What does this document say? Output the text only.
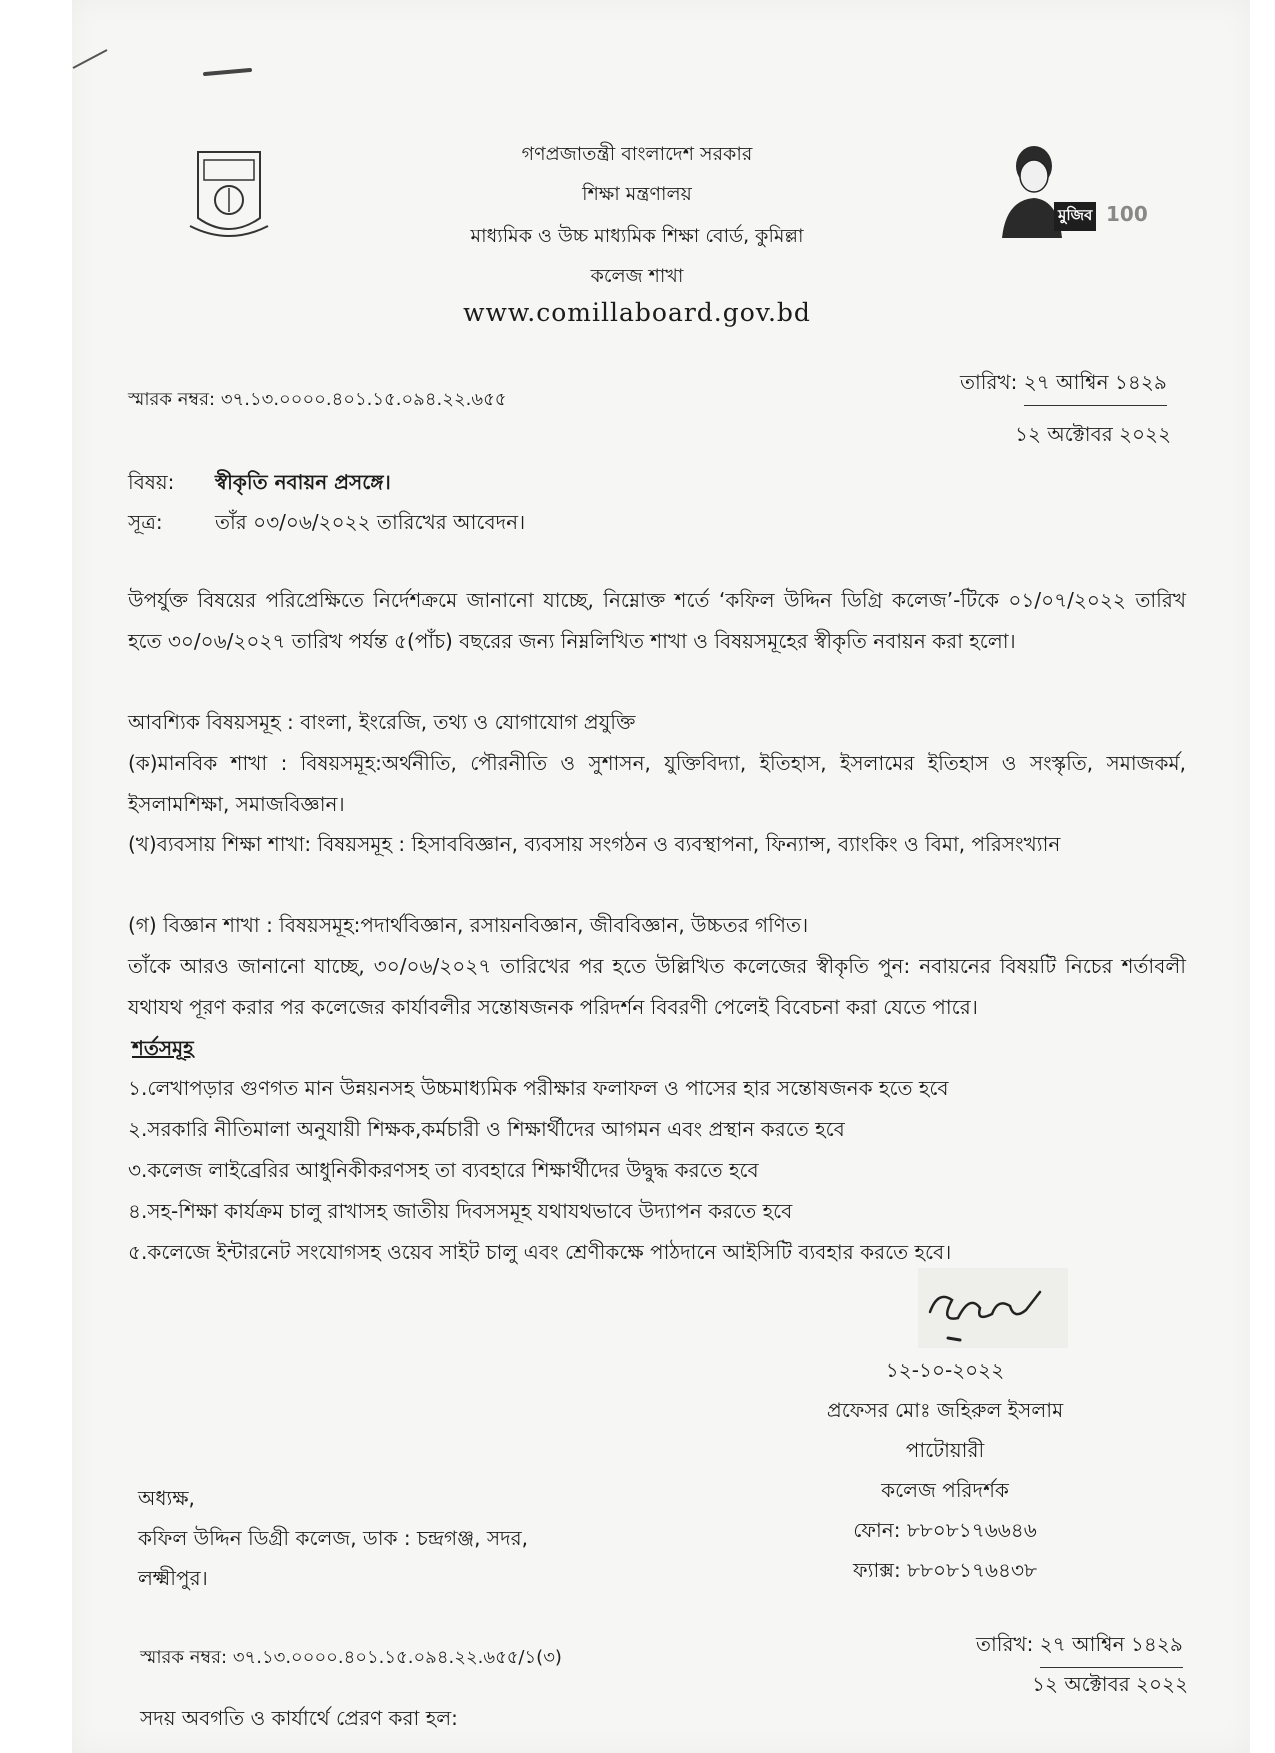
গণপ্রজাতন্ত্রী বাংলাদেশ সরকার
শিক্ষা মন্ত্রণালয়
মাধ্যমিক ও উচ্চ মাধ্যমিক শিক্ষা বোর্ড, কুমিল্লা
কলেজ শাখা
www.comillaboard.gov.bd
মুজিব 100
স্মারক নম্বর: ৩৭.১৩.০০০০.৪০১.১৫.০৯৪.২২.৬৫৫
তারিখ: ২৭ আশ্বিন ১৪২৯
১২ অক্টোবর ২০২২
বিষয়: স্বীকৃতি নবায়ন প্রসঙ্গে।
সূত্র:	তাঁর ০৩/০৬/২০২২ তারিখের আবেদন।
উপর্যুক্ত বিষয়ের পরিপ্রেক্ষিতে নির্দেশক্রমে জানানো যাচ্ছে, নিম্নোক্ত শর্তে ‘কফিল উদ্দিন ডিগ্রি কলেজ’-টিকে ০১/০৭/২০২২ তারিখ হতে ৩০/০৬/২০২৭ তারিখ পর্যন্ত ৫(পাঁচ) বছরের জন্য নিম্নলিখিত শাখা ও বিষয়সমূহের স্বীকৃতি নবায়ন করা হলো।
আবশ্যিক বিষয়সমূহ : বাংলা, ইংরেজি, তথ্য ও যোগাযোগ প্রযুক্তি
(ক)মানবিক শাখা : বিষয়সমূহ:অর্থনীতি, পৌরনীতি ও সুশাসন, যুক্তিবিদ্যা, ইতিহাস, ইসলামের ইতিহাস ও সংস্কৃতি, সমাজকর্ম, ইসলামশিক্ষা, সমাজবিজ্ঞান।
(খ)ব্যবসায় শিক্ষা শাখা: বিষয়সমূহ : হিসাববিজ্ঞান, ব্যবসায় সংগঠন ও ব্যবস্থাপনা, ফিন্যান্স, ব্যাংকিং ও বিমা, পরিসংখ্যান
(গ) বিজ্ঞান শাখা : বিষয়সমূহ:পদার্থবিজ্ঞান, রসায়নবিজ্ঞান, জীববিজ্ঞান, উচ্চতর গণিত।
তাঁকে আরও জানানো যাচ্ছে, ৩০/০৬/২০২৭ তারিখের পর হতে উল্লিখিত কলেজের স্বীকৃতি পুন: নবায়নের বিষয়টি নিচের শর্তাবলী যথাযথ পূরণ করার পর কলেজের কার্যাবলীর সন্তোষজনক পরিদর্শন বিবরণী পেলেই বিবেচনা করা যেতে পারে।
শর্তসমূহ
১.লেখাপড়ার গুণগত মান উন্নয়নসহ উচ্চমাধ্যমিক পরীক্ষার ফলাফল ও পাসের হার সন্তোষজনক হতে হবে
২.সরকারি নীতিমালা অনুযায়ী শিক্ষক,কর্মচারী ও শিক্ষার্থীদের আগমন এবং প্রস্থান করতে হবে
৩.কলেজ লাইব্রেরির আধুনিকীকরণসহ তা ব্যবহারে শিক্ষার্থীদের উদ্বুদ্ধ করতে হবে
৪.সহ-শিক্ষা কার্যক্রম চালু রাখাসহ জাতীয় দিবসসমূহ যথাযথভাবে উদ্যাপন করতে হবে
৫.কলেজে ইন্টারনেট সংযোগসহ ওয়েব সাইট চালু এবং শ্রেণীকক্ষে পাঠদানে আইসিটি ব্যবহার করতে হবে।
১২-১০-২০২২
প্রফেসর মোঃ জহিরুল ইসলাম পাটোয়ারী
কলেজ পরিদর্শক
ফোন: ৮৮০৮১৭৬৬৪৬
ফ্যাক্স: ৮৮০৮১৭৬৪৩৮
অধ্যক্ষ,
কফিল উদ্দিন ডিগ্রী কলেজ, ডাক : চন্দ্রগঞ্জ, সদর,
লক্ষ্মীপুর।
স্মারক নম্বর: ৩৭.১৩.০০০০.৪০১.১৫.০৯৪.২২.৬৫৫/১(৩)
তারিখ: ২৭ আশ্বিন ১৪২৯
১২ অক্টোবর ২০২২
সদয় অবগতি ও কার্যার্থে প্রেরণ করা হল:
